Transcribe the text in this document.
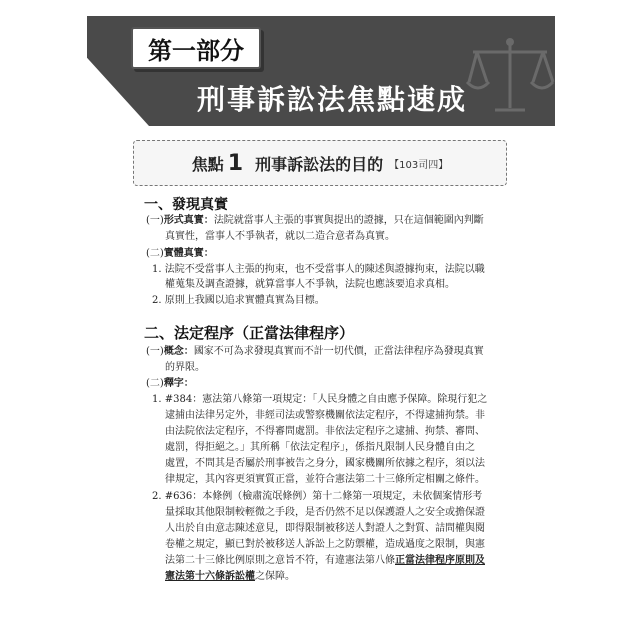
第一部分
刑事訴訟法焦點速成
焦點 1 刑事訴訟法的目的 【103司四】
一、發現真實
(一)形式真實：法院就當事人主張的事實與提出的證據，只在這個範圍內判斷
真實性，當事人不爭執者，就以二造合意者為真實。
(二)實體真實：
1. 法院不受當事人主張的拘束，也不受當事人的陳述與證據拘束，法院以職
權蒐集及調查證據，就算當事人不爭執，法院也應該要追求真相。
2. 原則上我國以追求實體真實為目標。
二、法定程序（正當法律程序）
(一)概念：國家不可為求發現真實而不計一切代價，正當法律程序為發現真實
的界限。
(二)釋字：
1. #384：憲法第八條第一項規定：「人民身體之自由應予保障。除現行犯之
逮捕由法律另定外，非經司法或警察機關依法定程序，不得逮捕拘禁。非
由法院依法定程序，不得審問處罰。非依法定程序之逮捕、拘禁、審問、
處罰，得拒絕之。」其所稱「依法定程序」，係指凡限制人民身體自由之
處置，不問其是否屬於刑事被告之身分，國家機關所依據之程序，須以法
律規定，其內容更須實質正當，並符合憲法第二十三條所定相關之條件。
2. #636：本條例（檢肅流氓條例）第十二條第一項規定，未依個案情形考
量採取其他限制較輕微之手段，是否仍然不足以保護證人之安全或擔保證
人出於自由意志陳述意見，即得限制被移送人對證人之對質、詰問權與閱
卷權之規定，顯已對於被移送人訴訟上之防禦權，造成過度之限制，與憲
法第二十三條比例原則之意旨不符，有違憲法第八條正當法律程序原則及
憲法第十六條訴訟權之保障。
